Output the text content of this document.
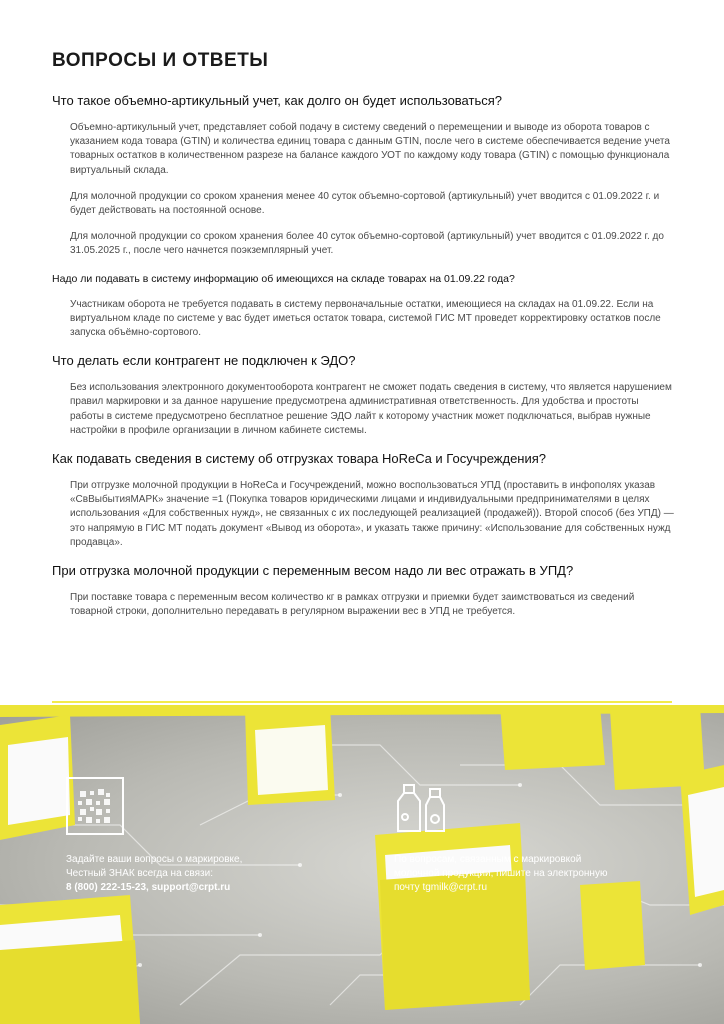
ВОПРОСЫ И ОТВЕТЫ
Что такое объемно-артикульный учет, как долго он будет использоваться?

Объемно-артикульный учет, представляет собой подачу в систему сведений о перемещении и выводе из оборота товаров с указанием кода товара (GTIN) и количества единиц товара с данным GTIN, после чего в системе обеспечивается ведение учета товарных остатков в количественном разрезе на балансе каждого УОТ по каждому коду товара (GTIN) с помощью функционала виртуальный склада.

Для молочной продукции со сроком хранения менее 40 суток объемно-сортовой (артикульный) учет вводится с 01.09.2022 г. и будет действовать на постоянной основе.

Для молочной продукции со сроком хранения более 40 суток объемно-сортовой (артикульный) учет вводится с 01.09.2022 г. до 31.05.2025 г., после чего начнется поэкземплярный учет.

Надо ли подавать в систему информацию об имеющихся на складе товарах на 01.09.22 года?

Участникам оборота не требуется подавать в систему первоначальные остатки, имеющиеся на складах на 01.09.22. Если на виртуальном кладе по системе у вас будет иметься остаток товара, системой ГИС МТ проведет корректировку остатков после запуска объёмно-сортового.

Что делать если контрагент не подключен к ЭДО?

Без использования электронного документооборота контрагент не сможет подать сведения в систему, что является нарушением правил маркировки и за данное нарушение предусмотрена административная ответственность. Для удобства и простоты работы в системе предусмотрено бесплатное решение ЭДО лайт к которому участник может подключаться, выбрав нужные настройки в профиле организации в личном кабинете системы.

Как подавать сведения в систему об отгрузках товара HoReCa и Госучреждения?

При отгрузке молочной продукции в HoReCa и Госучреждений, можно воспользоваться УПД (проставить в инфополях указав «СвВыбытияМАРК» значение =1 (Покупка товаров юридическими лицами и индивидуальными предпринимателями в целях использования «Для собственных нужд», не связанных с их последующей реализацией (продажей)). Второй способ (без УПД) — это напрямую в ГИС МТ подать документ «Вывод из оборота», и указать также причину: «Использование для собственных нужд продавца».

При отгрузка молочной продукции с переменным весом надо ли вес отражать в УПД?

При поставке товара с переменным весом количество кг в рамках отгрузки и приемки будет заимствоваться из сведений товарной строки, дополнительно передавать в регулярном выражении вес в УПД не требуется.

Задайте ваши вопросы о маркировке,
Честный ЗНАК всегда на связи:
8 (800) 222-15-23, support@crpt.ru
По вопросам, связанным с маркировкой
молочной продукции, пишите на электронную
почту tgmilk@crpt.ru
